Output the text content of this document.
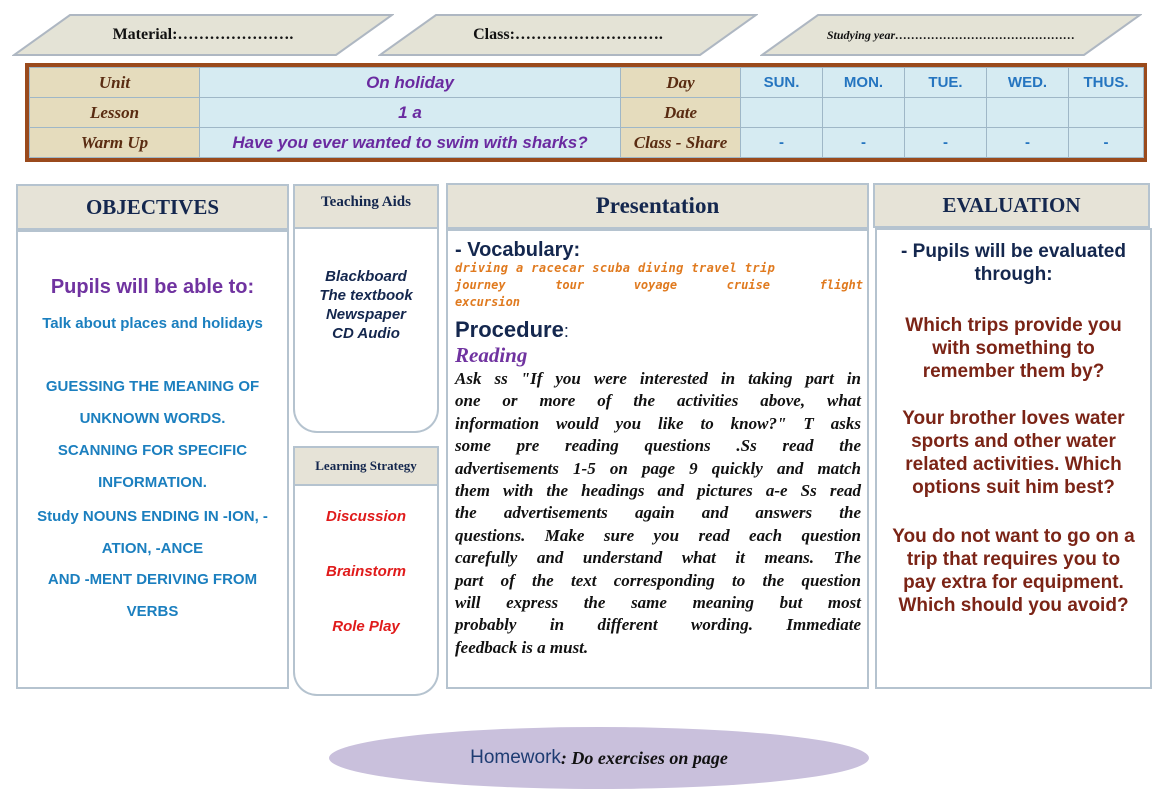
Material:………………….	Class:……………………….	Studying year………………………………………
Unit	On holiday	Day	SUN.	MON.	TUE.	WED.	THUS.
Lesson	1 a	Date					
Warm Up	Have you ever wanted to swim with sharks?	Class - Share	-	-	-	-	-
OBJECTIVES
Pupils will be able to:
Talk about places and holidays
GUESSING THE MEANING OF
UNKNOWN WORDS.
SCANNING FOR SPECIFIC
INFORMATION.
Study NOUNS ENDING IN -ION, -
ATION, -ANCE
AND -MENT DERIVING FROM
VERBS
Teaching Aids
Blackboard
The textbook
Newspaper
CD Audio
Learning Strategy
Discussion
Brainstorm
Role Play
Presentation
- Vocabulary:
driving a racecar scuba diving travel trip
journey	tour	voyage	cruise	flight
excursion
Procedure:
Reading
Ask ss "If you were interested in taking part in
one or more of the activities above, what
information would you like to know?" T asks
some pre reading questions .Ss read the
advertisements 1-5 on page 9 quickly and match
them with the headings and pictures a-e Ss read
the advertisements again and answers the
questions. Make sure you read each question
carefully and understand what it means. The
part of the text corresponding to the question
will express the same meaning but most
probably in different wording. Immediate
feedback is a must.
EVALUATION
- Pupils will be evaluated
through:
Which trips provide you
with something to
remember them by?
Your brother loves water
sports and other water
related activities. Which
options suit him best?
You do not want to go on a
trip that requires you to
pay extra for equipment.
Which should you avoid?
Homework : Do exercises on page
